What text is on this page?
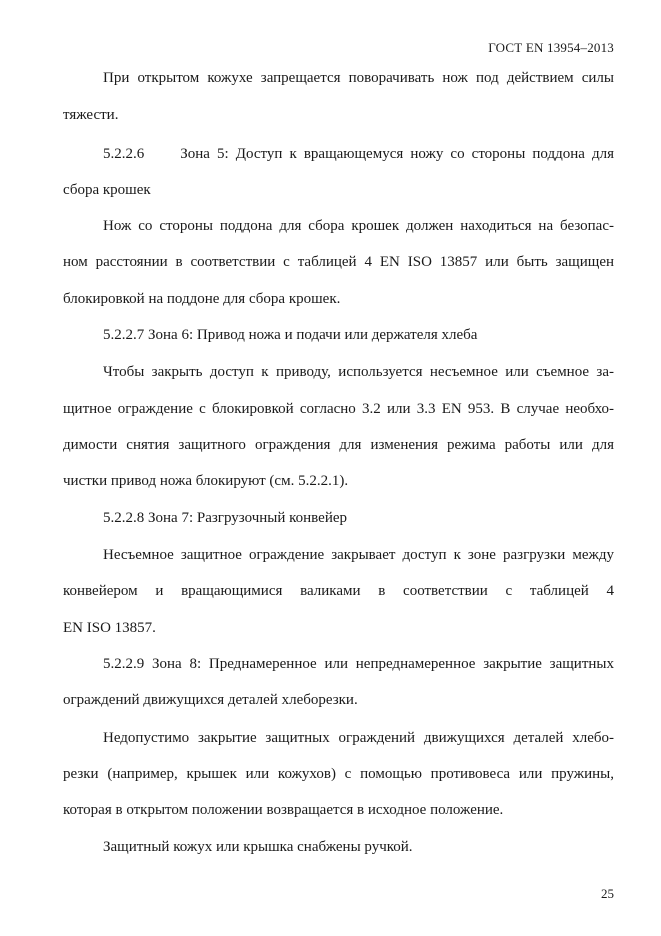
ГОСТ EN 13954–2013
При открытом кожухе запрещается поворачивать нож под действием силы
тяжести.
5.2.2.6 Зона 5: Доступ к вращающемуся ножу со стороны поддона для
сбора крошек
Нож со стороны поддона для сбора крошек должен находиться на безопас-
ном расстоянии в соответствии с таблицей 4 EN ISO 13857 или быть защищен
блокировкой на поддоне для сбора крошек.
5.2.2.7 Зона 6: Привод ножа и подачи или держателя хлеба
Чтобы закрыть доступ к приводу, используется несъемное или съемное за-
щитное ограждение с блокировкой согласно 3.2 или 3.3 EN 953. В случае необхо-
димости снятия защитного ограждения для изменения режима работы или для
чистки привод ножа блокируют (см. 5.2.2.1).
5.2.2.8 Зона 7: Разгрузочный конвейер
Несъемное защитное ограждение закрывает доступ к зоне разгрузки между
конвейером и вращающимися валиками в соответствии с таблицей 4
EN ISO 13857.
5.2.2.9 Зона 8: Преднамеренное или непреднамеренное закрытие защитных
ограждений движущихся деталей хлеборезки.
Недопустимо закрытие защитных ограждений движущихся деталей хлебо-
резки (например, крышек или кожухов) с помощью противовеса или пружины,
которая в открытом положении возвращается в исходное положение.
Защитный кожух или крышка снабжены ручкой.
25
